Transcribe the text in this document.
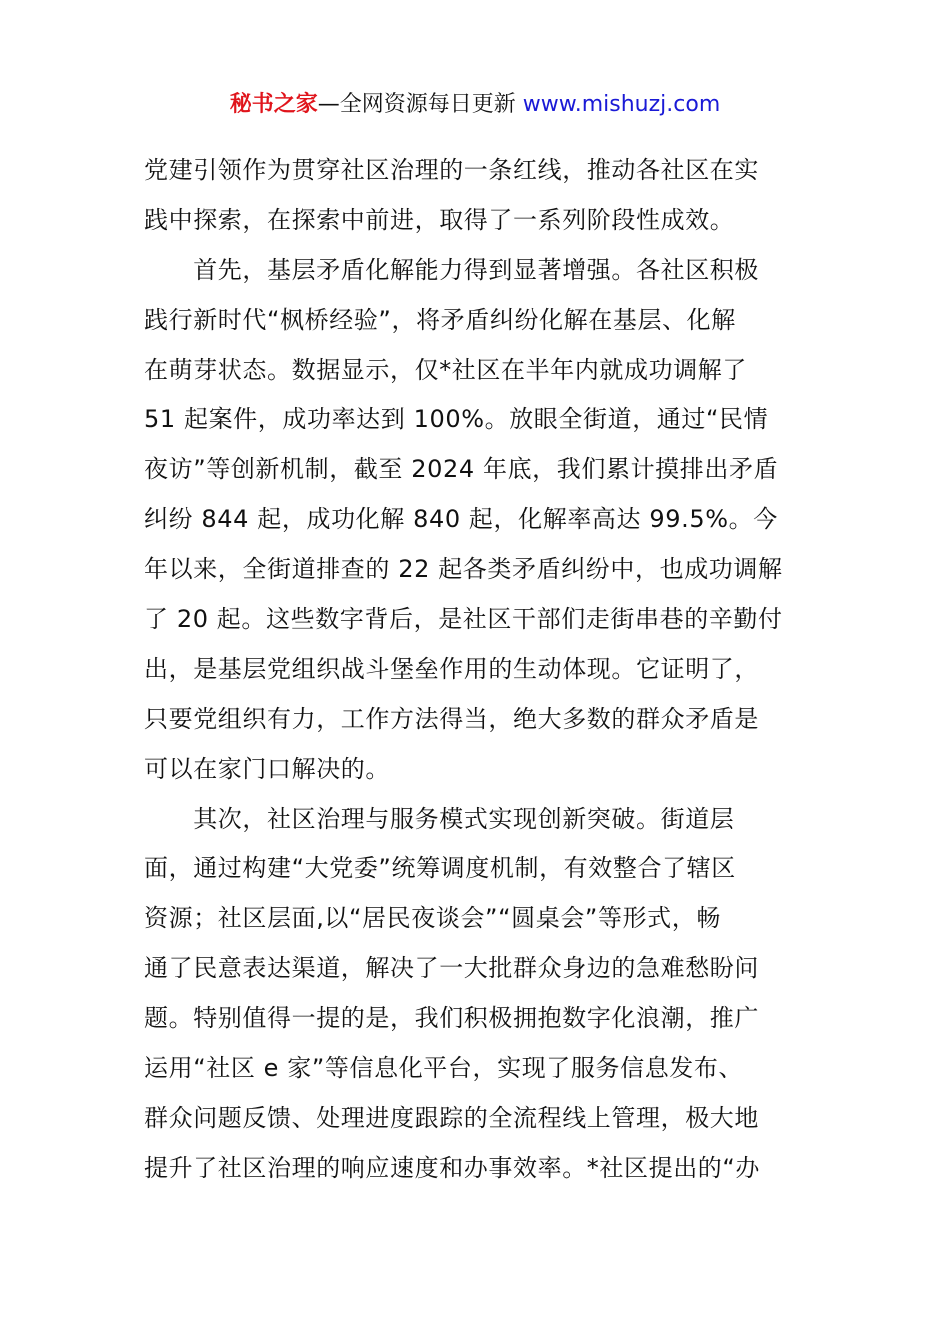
秘书之家—全网资源每日更新 www.mishuzj.com
党建引领作为贯穿社区治理的一条红线，推动各社区在实
践中探索，在探索中前进，取得了一系列阶段性成效。
　　首先，基层矛盾化解能力得到显著增强。各社区积极
践行新时代“枫桥经验”，将矛盾纠纷化解在基层、化解
在萌芽状态。数据显示，仅*社区在半年内就成功调解了
51 起案件，成功率达到 100%。放眼全街道，通过“民情
夜访”等创新机制，截至 2024 年底，我们累计摸排出矛盾
纠纷 844 起，成功化解 840 起，化解率高达 99.5%。今
年以来，全街道排查的 22 起各类矛盾纠纷中，也成功调解
了 20 起。这些数字背后，是社区干部们走街串巷的辛勤付
出，是基层党组织战斗堡垒作用的生动体现。它证明了，
只要党组织有力，工作方法得当，绝大多数的群众矛盾是
可以在家门口解决的。
　　其次，社区治理与服务模式实现创新突破。街道层
面，通过构建“大党委”统筹调度机制，有效整合了辖区
资源；社区层面,以“居民夜谈会”“圆桌会”等形式，畅
通了民意表达渠道，解决了一大批群众身边的急难愁盼问
题。特别值得一提的是，我们积极拥抱数字化浪潮，推广
运用“社区 e 家”等信息化平台，实现了服务信息发布、
群众问题反馈、处理进度跟踪的全流程线上管理，极大地
提升了社区治理的响应速度和办事效率。*社区提出的“办
